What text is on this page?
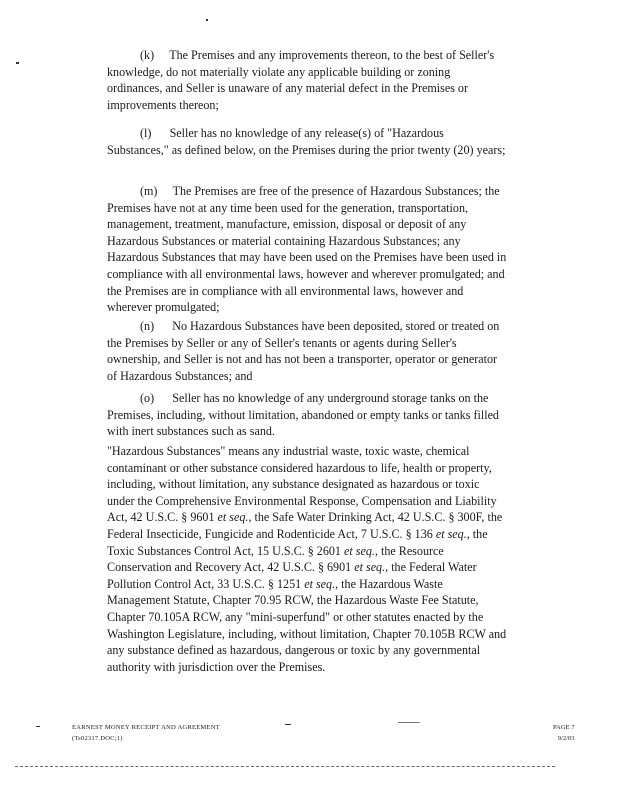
(k) The Premises and any improvements thereon, to the best of Seller's knowledge, do not materially violate any applicable building or zoning ordinances, and Seller is unaware of any material defect in the Premises or improvements thereon;

(l) Seller has no knowledge of any release(s) of "Hazardous Substances," as defined below, on the Premises during the prior twenty (20) years;

(m) The Premises are free of the presence of Hazardous Substances; the Premises have not at any time been used for the generation, transportation, management, treatment, manufacture, emission, disposal or deposit of any Hazardous Substances or material containing Hazardous Substances; any Hazardous Substances that may have been used on the Premises have been used in compliance with all environmental laws, however and wherever promulgated; and the Premises are in compliance with all environmental laws, however and wherever promulgated;

(n) No Hazardous Substances have been deposited, stored or treated on the Premises by Seller or any of Seller's tenants or agents during Seller's ownership, and Seller is not and has not been a transporter, operator or generator of Hazardous Substances; and

(o) Seller has no knowledge of any underground storage tanks on the Premises, including, without limitation, abandoned or empty tanks or tanks filled with inert substances such as sand.

"Hazardous Substances" means any industrial waste, toxic waste, chemical contaminant or other substance considered hazardous to life, health or property, including, without limitation, any substance designated as hazardous or toxic under the Comprehensive Environmental Response, Compensation and Liability Act, 42 U.S.C. § 9601 et seq., the Safe Water Drinking Act, 42 U.S.C. § 300F, the Federal Insecticide, Fungicide and Rodenticide Act, 7 U.S.C. § 136 et seq., the Toxic Substances Control Act, 15 U.S.C. § 2601 et seq., the Resource Conservation and Recovery Act, 42 U.S.C. § 6901 et seq., the Federal Water Pollution Control Act, 33 U.S.C. § 1251 et seq., the Hazardous Waste Management Statute, Chapter 70.95 RCW, the Hazardous Waste Fee Statute, Chapter 70.105A RCW, any "mini-superfund" or other statutes enacted by the Washington Legislature, including, without limitation, Chapter 70.105B RCW and any substance defined as hazardous, dangerous or toxic by any governmental authority with jurisdiction over the Premises.
EARNEST MONEY RECEIPT AND AGREEMENT
(Ts02317.DOC;1)
PAGE 7
9/2/03
